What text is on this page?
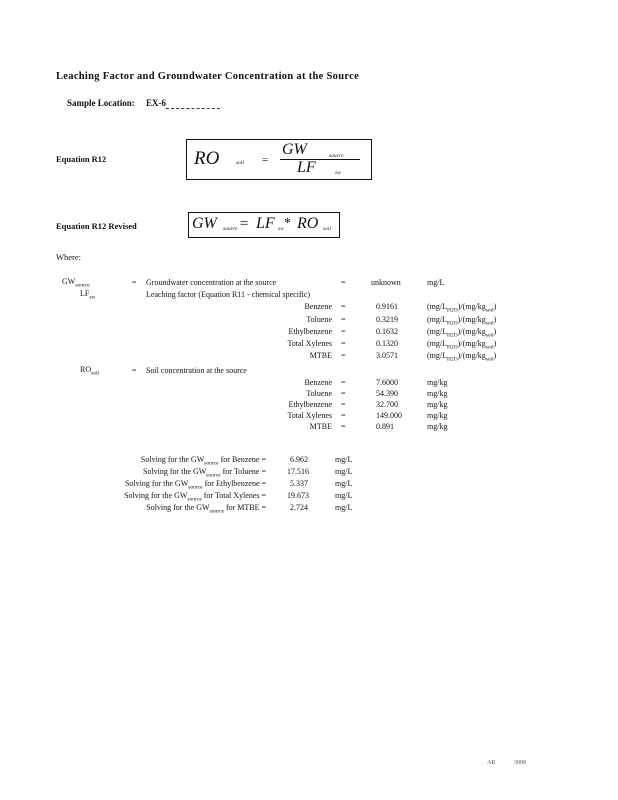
Leaching Factor and Groundwater Concentration at the Source
Sample Location: EX-6
Equation R12	RO	soil =
GW	source
LF	sw
Equation R12 Revised	GW source = LF sw * RO soil
Where:
$GW_{source}$	= Groundwater concentration at the source	=	unknown	mg/L
$LF_{sw}$	Leaching factor (Equation R11 - chemical specific)
Benzene =	0.9161	$(mg/L_{H2O})/(mg/kg_{soil})$
Toluene =	0.3219	$(mg/L_{H2O})/(mg/kg_{soil})$
Ethylbenzene =	0.1632	$(mg/L_{H2O})/(mg/kg_{soil})$
Total Xylenes =	0.1320	$(mg/L_{H2O})/(mg/kg_{soil})$
MTBE =	3.0571	$(mg/L_{H2O})/(mg/kg_{soil})$
$RO_{soil}$	= Soil concentration at the source
Benzene =	7.6000	mg/kg
Toluene =	54.390	mg/kg
Ethylbenzene =	32.700	mg/kg
Total Xylenes =	149.000	mg/kg
MTBE =	0.891	mg/kg
Solving for the $GW_{source}$ for Benzene =	6.962	mg/L
Solving for the $GW_{source}$ for Toluene =	17.516	mg/L
Solving for the $GW_{source}$ for Ethylbenzene =	5.337	mg/L
Solving for the $GW_{source}$ for Total Xylenes =	19.673	mg/L
Solving for the $GW_{source}$ for MTBE =	2.724	mg/L
AR	3008
